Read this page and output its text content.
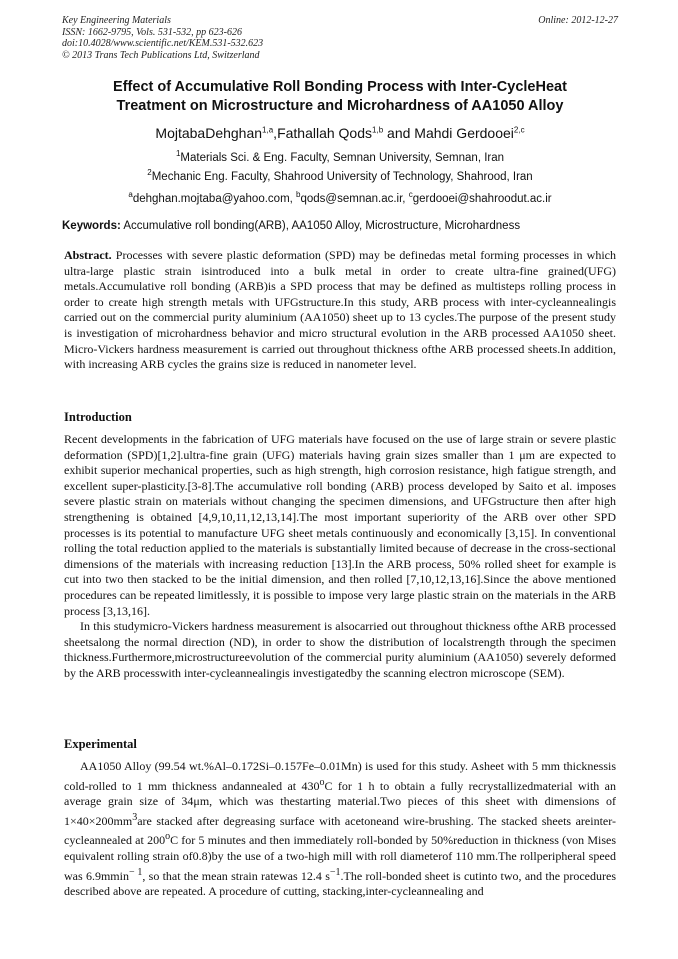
Key Engineering Materials	Online: 2012-12-27
ISSN: 1662-9795, Vols. 531-532, pp 623-626
doi:10.4028/www.scientific.net/KEM.531-532.623
© 2013 Trans Tech Publications Ltd, Switzerland
Effect of Accumulative Roll Bonding Process with Inter-CycleHeat
Treatment on Microstructure and Microhardness of AA1050 Alloy
MojtabaDehghan$^{1,a}$,Fathallah Qods$^{1,b}$ and Mahdi Gerdooei$^{2,c}$
$^1$Materials Sci. & Eng. Faculty, Semnan University, Semnan, Iran
$^2$Mechanic Eng. Faculty, Shahrood University of Technology, Shahrood, Iran
$^a$dehghan.mojtaba@yahoo.com, $^b$qods@semnan.ac.ir, $^c$gerdooei@shahroodut.ac.ir
Keywords: Accumulative roll bonding(ARB), AA1050 Alloy, Microstructure, Microhardness

Abstract. Processes with severe plastic deformation (SPD) may be definedas metal forming processes in which ultra-large plastic strain isintroduced into a bulk metal in order to create ultra-fine grained(UFG) metals.Accumulative roll bonding (ARB)is a SPD process that may be defined as multisteps rolling process in order to create high strength metals with UFGstructure.In this study, ARB process with inter-cycleannealingis carried out on the commercial purity aluminium (AA1050) sheet up to 13 cycles.The purpose of the present study is investigation of microhardness behavior and micro structural evolution in the ARB processed AA1050 sheet. Micro-Vickers hardness measurement is carried out throughout thickness ofthe ARB processed sheets.In addition, with increasing ARB cycles the grains size is reduced in nanometer level.

Introduction

Recent developments in the fabrication of UFG materials have focused on the use of large strain or severe plastic deformation (SPD)[1,2].ultra-fine grain (UFG) materials having grain sizes smaller than 1 μm are expected to exhibit superior mechanical properties, such as high strength, high corrosion resistance, high fatigue strength, and excellent super-plasticity.[3-8].The accumulative roll bonding (ARB) process developed by Saito et al. imposes severe plastic strain on materials without changing the specimen dimensions, and UFGstructure then after high strengthening is obtained [4,9,10,11,12,13,14].The most important superiority of the ARB over other SPD processes is its potential to manufacture UFG sheet metals continuously and economically [3,15]. In conventional rolling the total reduction applied to the materials is substantially limited because of decrease in the cross-sectional dimensions of the materials with increasing reduction [13].In the ARB process, 50% rolled sheet for example is cut into two then stacked to be the initial dimension, and then rolled [7,10,12,13,16].Since the above mentioned procedures can be repeated limitlessly, it is possible to impose very large plastic strain on the materials in the ARB process [3,13,16].

In this studymicro-Vickers hardness measurement is alsocarried out throughout thickness ofthe ARB processed sheetsalong the normal direction (ND), in order to show the distribution of localstrength through the specimen thickness.Furthermore,microstructureevolution of the commercial purity aluminium (AA1050) severely deformed by the ARB processwith inter-cycleannealingis investigatedby the scanning electron microscope (SEM).

Experimental

AA1050 Alloy (99.54 wt.%Al–0.172Si–0.157Fe–0.01Mn) is used for this study. Asheet with 5 mm thicknessis cold-rolled to 1 mm thickness andannealed at 430$^o$C for 1 h to obtain a fully recrystallizedmaterial with an average grain size of 34μm, which was thestarting material.Two pieces of this sheet with dimensions of $1\times 40\times 200mm^3are$ stacked after degreasing surface with acetoneand wire-brushing. The stacked sheets areinter-cycleannealed at 200$^o$C for 5 minutes and then immediately roll-bonded by 50%reduction in thickness (von Mises equivalent rolling strain of0.8)by the use of a two-high mill with roll diameterof 110 mm.The rollperipheral speed was 6.9mmin$^{- 1}$, so that the mean strain ratewas 12.4 $s^{-1}.The$ roll-bonded sheet is cutinto two, and the procedures described above are repeated. A procedure of cutting, stacking,inter-cycleannealing and
